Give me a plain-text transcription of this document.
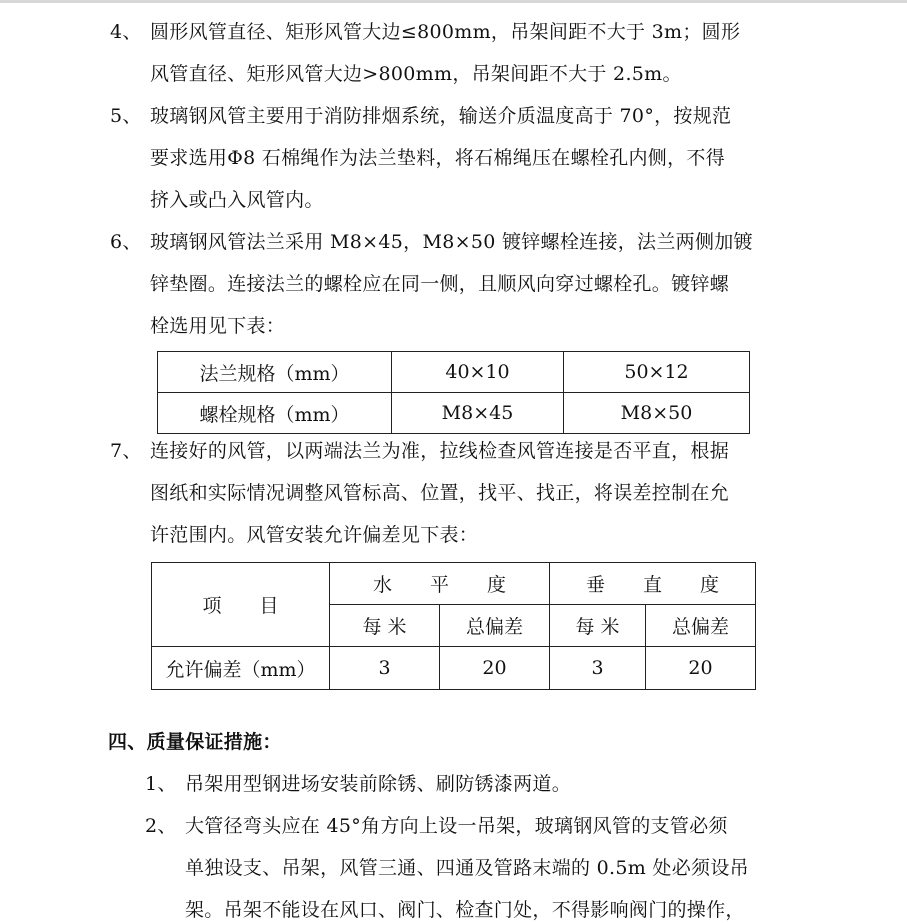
4、 圆形风管直径、矩形风管大边≤800mm，吊架间距不大于 3m；圆形
风管直径、矩形风管大边>800mm，吊架间距不大于 2.5m。
5、 玻璃钢风管主要用于消防排烟系统，输送介质温度高于 70°，按规范
要求选用Φ8 石棉绳作为法兰垫料，将石棉绳压在螺栓孔内侧，不得
挤入或凸入风管内。
6、 玻璃钢风管法兰采用 M8×45，M8×50 镀锌螺栓连接，法兰两侧加镀
锌垫圈。连接法兰的螺栓应在同一侧，且顺风向穿过螺栓孔。镀锌螺
栓选用见下表：
法兰规格（mm）	40×10	50×12
螺栓规格（mm）	M8×45	M8×50
7、 连接好的风管，以两端法兰为准，拉线检查风管连接是否平直，根据
图纸和实际情况调整风管标高、位置，找平、找正，将误差控制在允
许范围内。风管安装允许偏差见下表：
项　　目	水　　平　　度		垂　　直　　度	
	每 米	总偏差	每 米	总偏差
允许偏差（mm）	3	20	3	20
四、质量保证措施：
1、 吊架用型钢进场安装前除锈、刷防锈漆两道。
2、 大管径弯头应在 45°角方向上设一吊架，玻璃钢风管的支管必须
单独设支、吊架，风管三通、四通及管路末端的 0.5m 处必须设吊
架。吊架不能设在风口、阀门、检查门处，不得影响阀门的操作，
